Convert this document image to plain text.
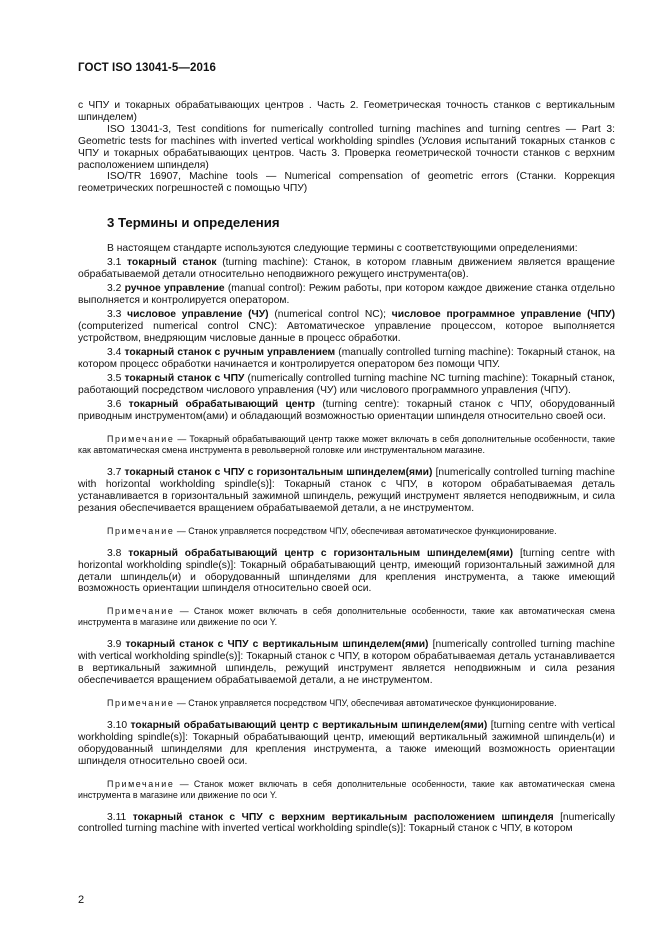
ГОСТ ISO 13041-5—2016

с ЧПУ и токарных обрабатывающих центров . Часть 2. Геометрическая точность станков с вертикальным шпинделем)

ISO 13041-3, Test conditions for numerically controlled turning machines and turning centres — Part 3: Geometric tests for machines with inverted vertical workholding spindles (Условия испытаний токарных станков с ЧПУ и токарных обрабатывающих центров. Часть 3. Проверка геометрической точности станков с верхним расположением шпинделя)

ISO/TR 16907, Machine tools — Numerical compensation of geometric errors (Станки. Коррекция геометрических погрешностей с помощью ЧПУ)

3 Термины и определения

В настоящем стандарте используются следующие термины с соответствующими определениями:

3.1 токарный станок (turning machine): Станок, в котором главным движением является вращение обрабатываемой детали относительно неподвижного режущего инструмента(ов).

3.2 ручное управление (manual control): Режим работы, при котором каждое движение станка отдельно выполняется и контролируется оператором.

3.3 числовое управление (ЧУ) (numerical control NC); числовое программное управление (ЧПУ) (computerized numerical control CNC): Автоматическое управление процессом, которое выполняется устройством, внедряющим числовые данные в процесс обработки.

3.4 токарный станок с ручным управлением (manually controlled turning machine): Токарный станок, на котором процесс обработки начинается и контролируется оператором без помощи ЧПУ.

3.5 токарный станок с ЧПУ (numerically controlled turning machine NC turning machine): Токарный станок, работающий посредством числового управления (ЧУ) или числового программного управления (ЧПУ).

3.6 токарный обрабатывающий центр (turning centre): токарный станок с ЧПУ, оборудованный приводным инструментом(ами) и обладающий возможностью ориентации шпинделя относительно своей оси.

Примечание — Токарный обрабатывающий центр также может включать в себя дополнительные особенности, такие как автоматическая смена инструмента в револьверной головке или инструментальном магазине.

3.7 токарный станок с ЧПУ с горизонтальным шпинделем(ями) [numerically controlled turning machine with horizontal workholding spindle(s)]: Токарный станок с ЧПУ, в котором обрабатываемая деталь устанавливается в горизонтальный зажимной шпиндель, режущий инструмент является неподвижным, и сила резания обеспечивается вращением обрабатываемой детали, а не инструментом.

Примечание — Станок управляется посредством ЧПУ, обеспечивая автоматическое функционирование.

3.8 токарный обрабатывающий центр с горизонтальным шпинделем(ями) [turning centre with horizontal workholding spindle(s)]: Токарный обрабатывающий центр, имеющий горизонтальный зажимной для детали шпиндель(и) и оборудованный шпинделями для крепления инструмента, а также имеющий возможность ориентации шпинделя относительно своей оси.

Примечание — Станок может включать в себя дополнительные особенности, такие как автоматическая смена инструмента в магазине или движение по оси Y.

3.9 токарный станок с ЧПУ с вертикальным шпинделем(ями) [numerically controlled turning machine with vertical workholding spindle(s)]: Токарный станок с ЧПУ, в котором обрабатываемая деталь устанавливается в вертикальный зажимной шпиндель, режущий инструмент является неподвижным и сила резания обеспечивается вращением обрабатываемой детали, а не инструментом.

Примечание — Станок управляется посредством ЧПУ, обеспечивая автоматическое функционирование.

3.10 токарный обрабатывающий центр с вертикальным шпинделем(ями) [turning centre with vertical workholding spindle(s)]: Токарный обрабатывающий центр, имеющий вертикальный зажимной шпиндель(и) и оборудованный шпинделями для крепления инструмента, а также имеющий возможность ориентации шпинделя относительно своей оси.

Примечание — Станок может включать в себя дополнительные особенности, такие как автоматическая смена инструмента в магазине или движение по оси Y.

3.11 токарный станок с ЧПУ с верхним вертикальным расположением шпинделя [numerically controlled turning machine with inverted vertical workholding spindle(s)]: Токарный станок с ЧПУ, в котором

2
